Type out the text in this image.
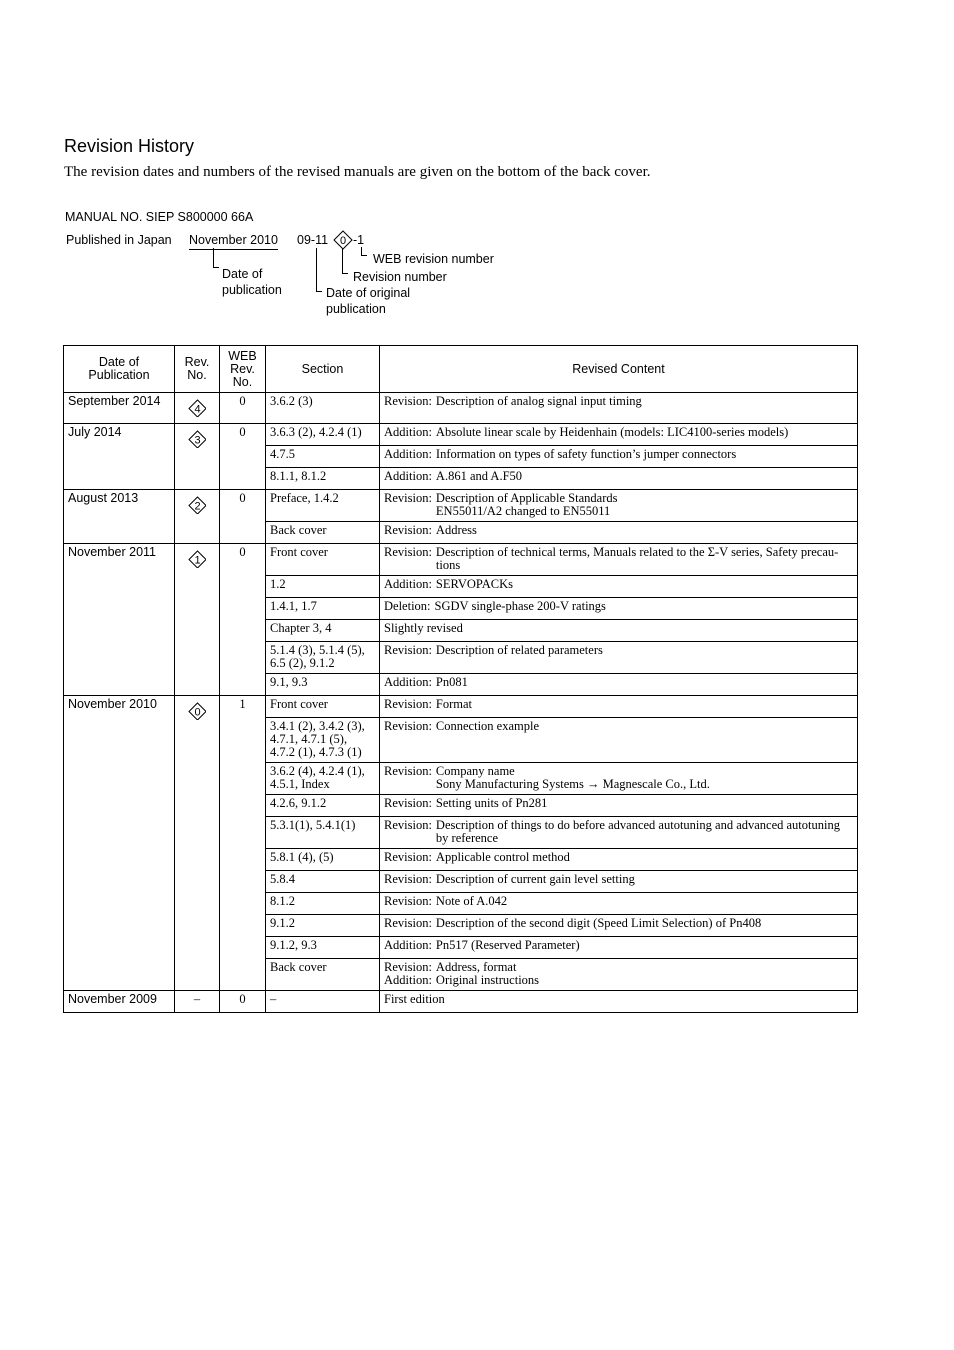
Revision History
The revision dates and numbers of the revised manuals are given on the bottom of the back cover.
MANUAL NO. SIEP S800000 66A
Published in Japan November 2010 09-11 0 -1
WEB revision number
Revision number
Date of
publication	Date of original
publication
Date of
Publication	Rev.
No.	WEB
Rev.
No.	Section	Revised Content
September 2014	4	0	3.6.2 (3)	Revision: Description of analog signal input timing

July 2014	3	0	3.6.3 (2), 4.2.4 (1)	Addition: Absolute linear scale by Heidenhain (models: LIC4100-series models)

			4.7.5	Addition: Information on types of safety function’s jumper connectors

			8.1.1, 8.1.2	Addition: A.861 and A.F50

August 2013	2	0	Preface, 1.4.2	Revision: Description of Applicable Standards
EN55011/A2 changed to EN55011

			Back cover	Revision: Address

November 2011	1	0	Front cover	Revision: Description of technical terms, Manuals related to the Σ-V series, Safety precau-
tions

			1.2	Addition: SERVOPACKs

			1.4.1, 1.7	Deletion: SGDV single-phase 200-V ratings

			Chapter 3, 4	Slightly revised

			5.1.4 (3), 5.1.4 (5),
6.5 (2), 9.1.2	Revision: Description of related parameters

			9.1, 9.3	Addition: Pn081

November 2010	0	1	Front cover	Revision: Format

			3.4.1 (2), 3.4.2 (3),
4.7.1, 4.7.1 (5),
4.7.2 (1), 4.7.3 (1)	Revision: Connection example

			3.6.2 (4), 4.2.4 (1),
4.5.1, Index	Revision: Company name
Sony Manufacturing Systems → Magnescale Co., Ltd.

			4.2.6, 9.1.2	Revision: Setting units of Pn281

			5.3.1(1), 5.4.1(1)	Revision: Description of things to do before advanced autotuning and advanced autotuning
by reference

			5.8.1 (4), (5)	Revision: Applicable control method

			5.8.4	Revision: Description of current gain level setting

			8.1.2	Revision: Note of A.042

			9.1.2	Revision: Description of the second digit (Speed Limit Selection) of Pn408

			9.1.2, 9.3	Addition: Pn517 (Reserved Parameter)

			Back cover	Revision: Address, format
Addition: Original instructions

November 2009	–	0	–	First edition
